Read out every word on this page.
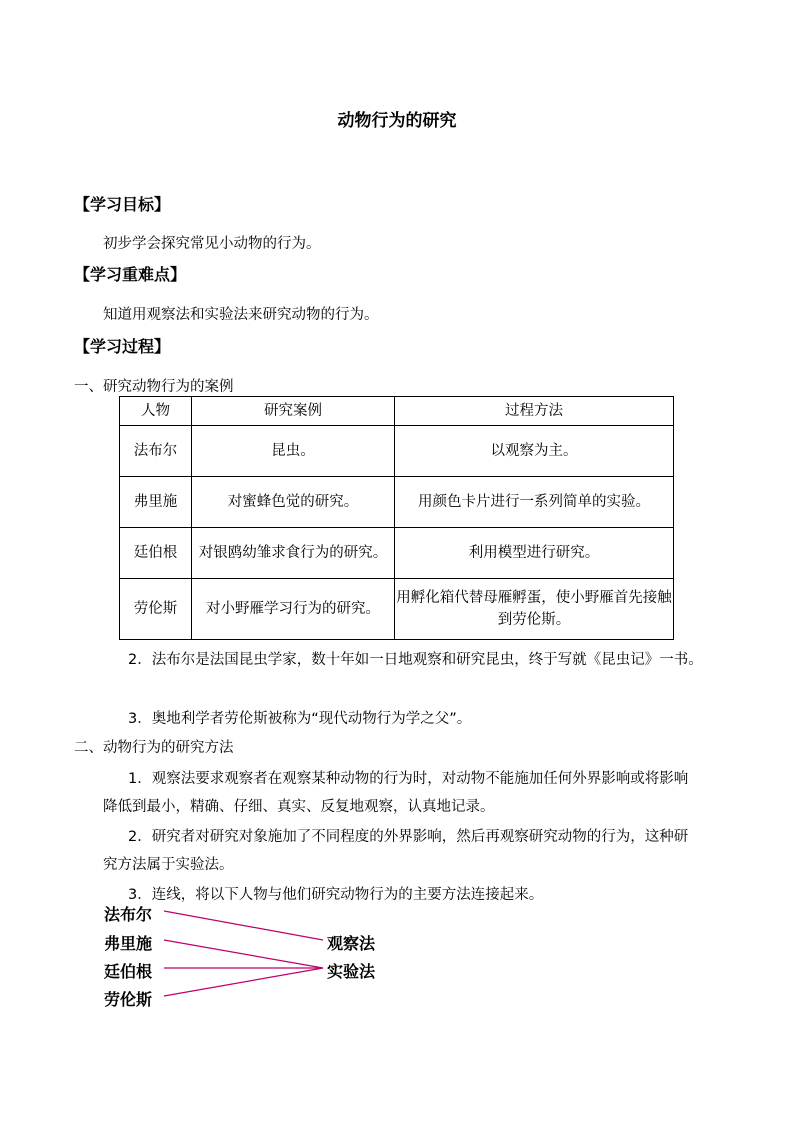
动物行为的研究
【学习目标】
初步学会探究常见小动物的行为。
【学习重难点】
知道用观察法和实验法来研究动物的行为。
【学习过程】
一、研究动物行为的案例
人物	研究案例	过程方法
法布尔	昆虫。	以观察为主。
弗里施	对蜜蜂色觉的研究。	用颜色卡片进行一系列简单的实验。
廷伯根	对银鸥幼雏求食行为的研究。	利用模型进行研究。
劳伦斯	对小野雁学习行为的研究。	用孵化箱代替母雁孵蛋，使小野雁首先接触到劳伦斯。
2．法布尔是法国昆虫学家，数十年如一日地观察和研究昆虫，终于写就《昆虫记》一书。
3．奥地利学者劳伦斯被称为“现代动物行为学之父”。
二、动物行为的研究方法
1．观察法要求观察者在观察某种动物的行为时，对动物不能施加任何外界影响或将影响
降低到最小，精确、仔细、真实、反复地观察，认真地记录。
2．研究者对研究对象施加了不同程度的外界影响，然后再观察研究动物的行为，这种研
究方法属于实验法。
3．连线，将以下人物与他们研究动物行为的主要方法连接起来。
法布尔
弗里施
廷伯根
劳伦斯
观察法
实验法
